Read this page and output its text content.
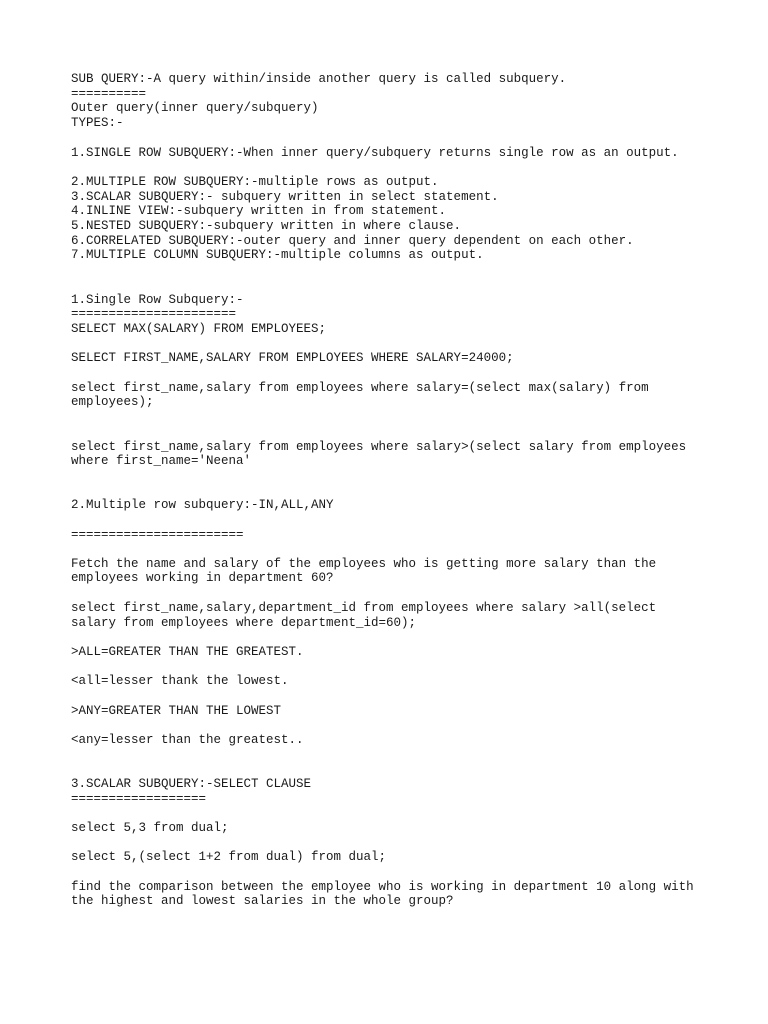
SUB QUERY:-A query within/inside another query is called subquery.

==========

Outer query(inner query/subquery)

TYPES:-

1.SINGLE ROW SUBQUERY:-When inner query/subquery returns single row as an output.

2.MULTIPLE ROW SUBQUERY:-multiple rows as output.

3.SCALAR SUBQUERY:- subquery written in select statement.

4.INLINE VIEW:-subquery written in from statement.

5.NESTED SUBQUERY:-subquery written in where clause.

6.CORRELATED SUBQUERY:-outer query and inner query dependent on each other.

7.MULTIPLE COLUMN SUBQUERY:-multiple columns as output.

1.Single Row Subquery:-

======================

SELECT MAX(SALARY) FROM EMPLOYEES;

SELECT FIRST_NAME,SALARY FROM EMPLOYEES WHERE SALARY=24000;

select first_name,salary from employees where salary=(select max(salary) from

employees);

select first_name,salary from employees where salary>(select salary from employees

where first_name='Neena'

2.Multiple row subquery:-IN,ALL,ANY

=======================

Fetch the name and salary of the employees who is getting more salary than the

employees working in department 60?

select first_name,salary,department_id from employees where salary >all(select

salary from employees where department_id=60);

>ALL=GREATER THAN THE GREATEST.

<all=lesser thank the lowest.

>ANY=GREATER THAN THE LOWEST

<any=lesser than the greatest..

3.SCALAR SUBQUERY:-SELECT CLAUSE

==================

select 5,3 from dual;

select 5,(select 1+2 from dual) from dual;

find the comparison between the employee who is working in department 10 along with

the highest and lowest salaries in the whole group?
